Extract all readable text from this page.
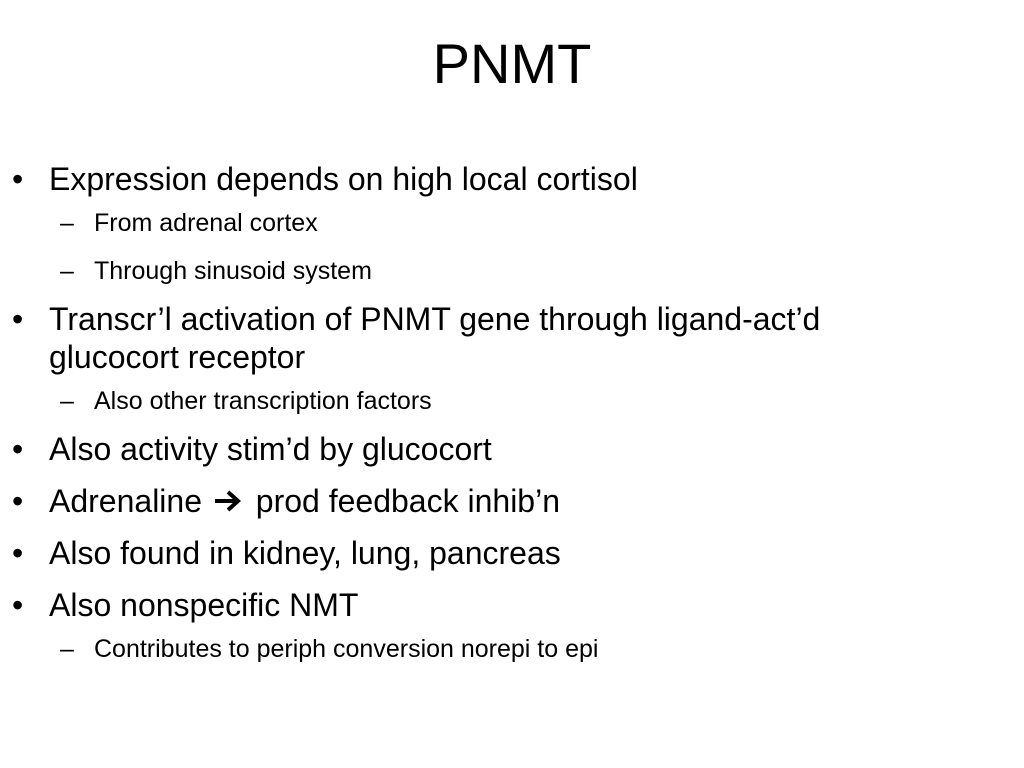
PNMT
• Expression depends on high local cortisol
– From adrenal cortex
– Through sinusoid system
• Transcr’l activation of PNMT gene through ligand-act’d
glucocort receptor
– Also other transcription factors
• Also activity stim’d by glucocort
• Adrenaline prod feedback inhib’n
• Also found in kidney, lung, pancreas
• Also nonspecific NMT
– Contributes to periph conversion norepi to epi
